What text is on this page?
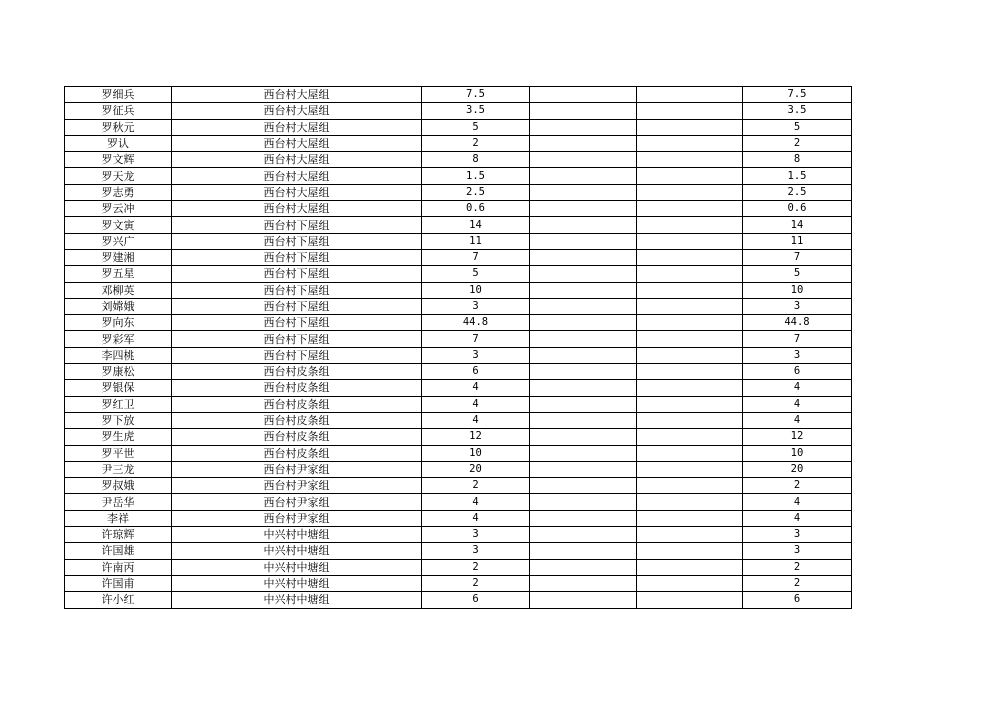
罗细兵	西台村大屋组	7.5			7.5
罗征兵	西台村大屋组	3.5			3.5
罗秋元	西台村大屋组	5			5
罗认	西台村大屋组	2			2
罗文辉	西台村大屋组	8			8
罗天龙	西台村大屋组	1.5			1.5
罗志勇	西台村大屋组	2.5			2.5
罗云冲	西台村大屋组	0.6			0.6
罗文寅	西台村下屋组	14			14
罗兴广	西台村下屋组	11			11
罗建湘	西台村下屋组	7			7
罗五星	西台村下屋组	5			5
邓柳英	西台村下屋组	10			10
刘嫦娥	西台村下屋组	3			3
罗向东	西台村下屋组	44.8			44.8
罗彩军	西台村下屋组	7			7
李四桃	西台村下屋组	3			3
罗康松	西台村皮条组	6			6
罗银保	西台村皮条组	4			4
罗红卫	西台村皮条组	4			4
罗下放	西台村皮条组	4			4
罗生虎	西台村皮条组	12			12
罗平世	西台村皮条组	10			10
尹三龙	西台村尹家组	20			20
罗叔娥	西台村尹家组	2			2
尹岳华	西台村尹家组	4			4
李祥	西台村尹家组	4			4
许琼辉	中兴村中塘组	3			3
许国雄	中兴村中塘组	3			3
许南丙	中兴村中塘组	2			2
许国甫	中兴村中塘组	2			2
许小红	中兴村中塘组	6			6
